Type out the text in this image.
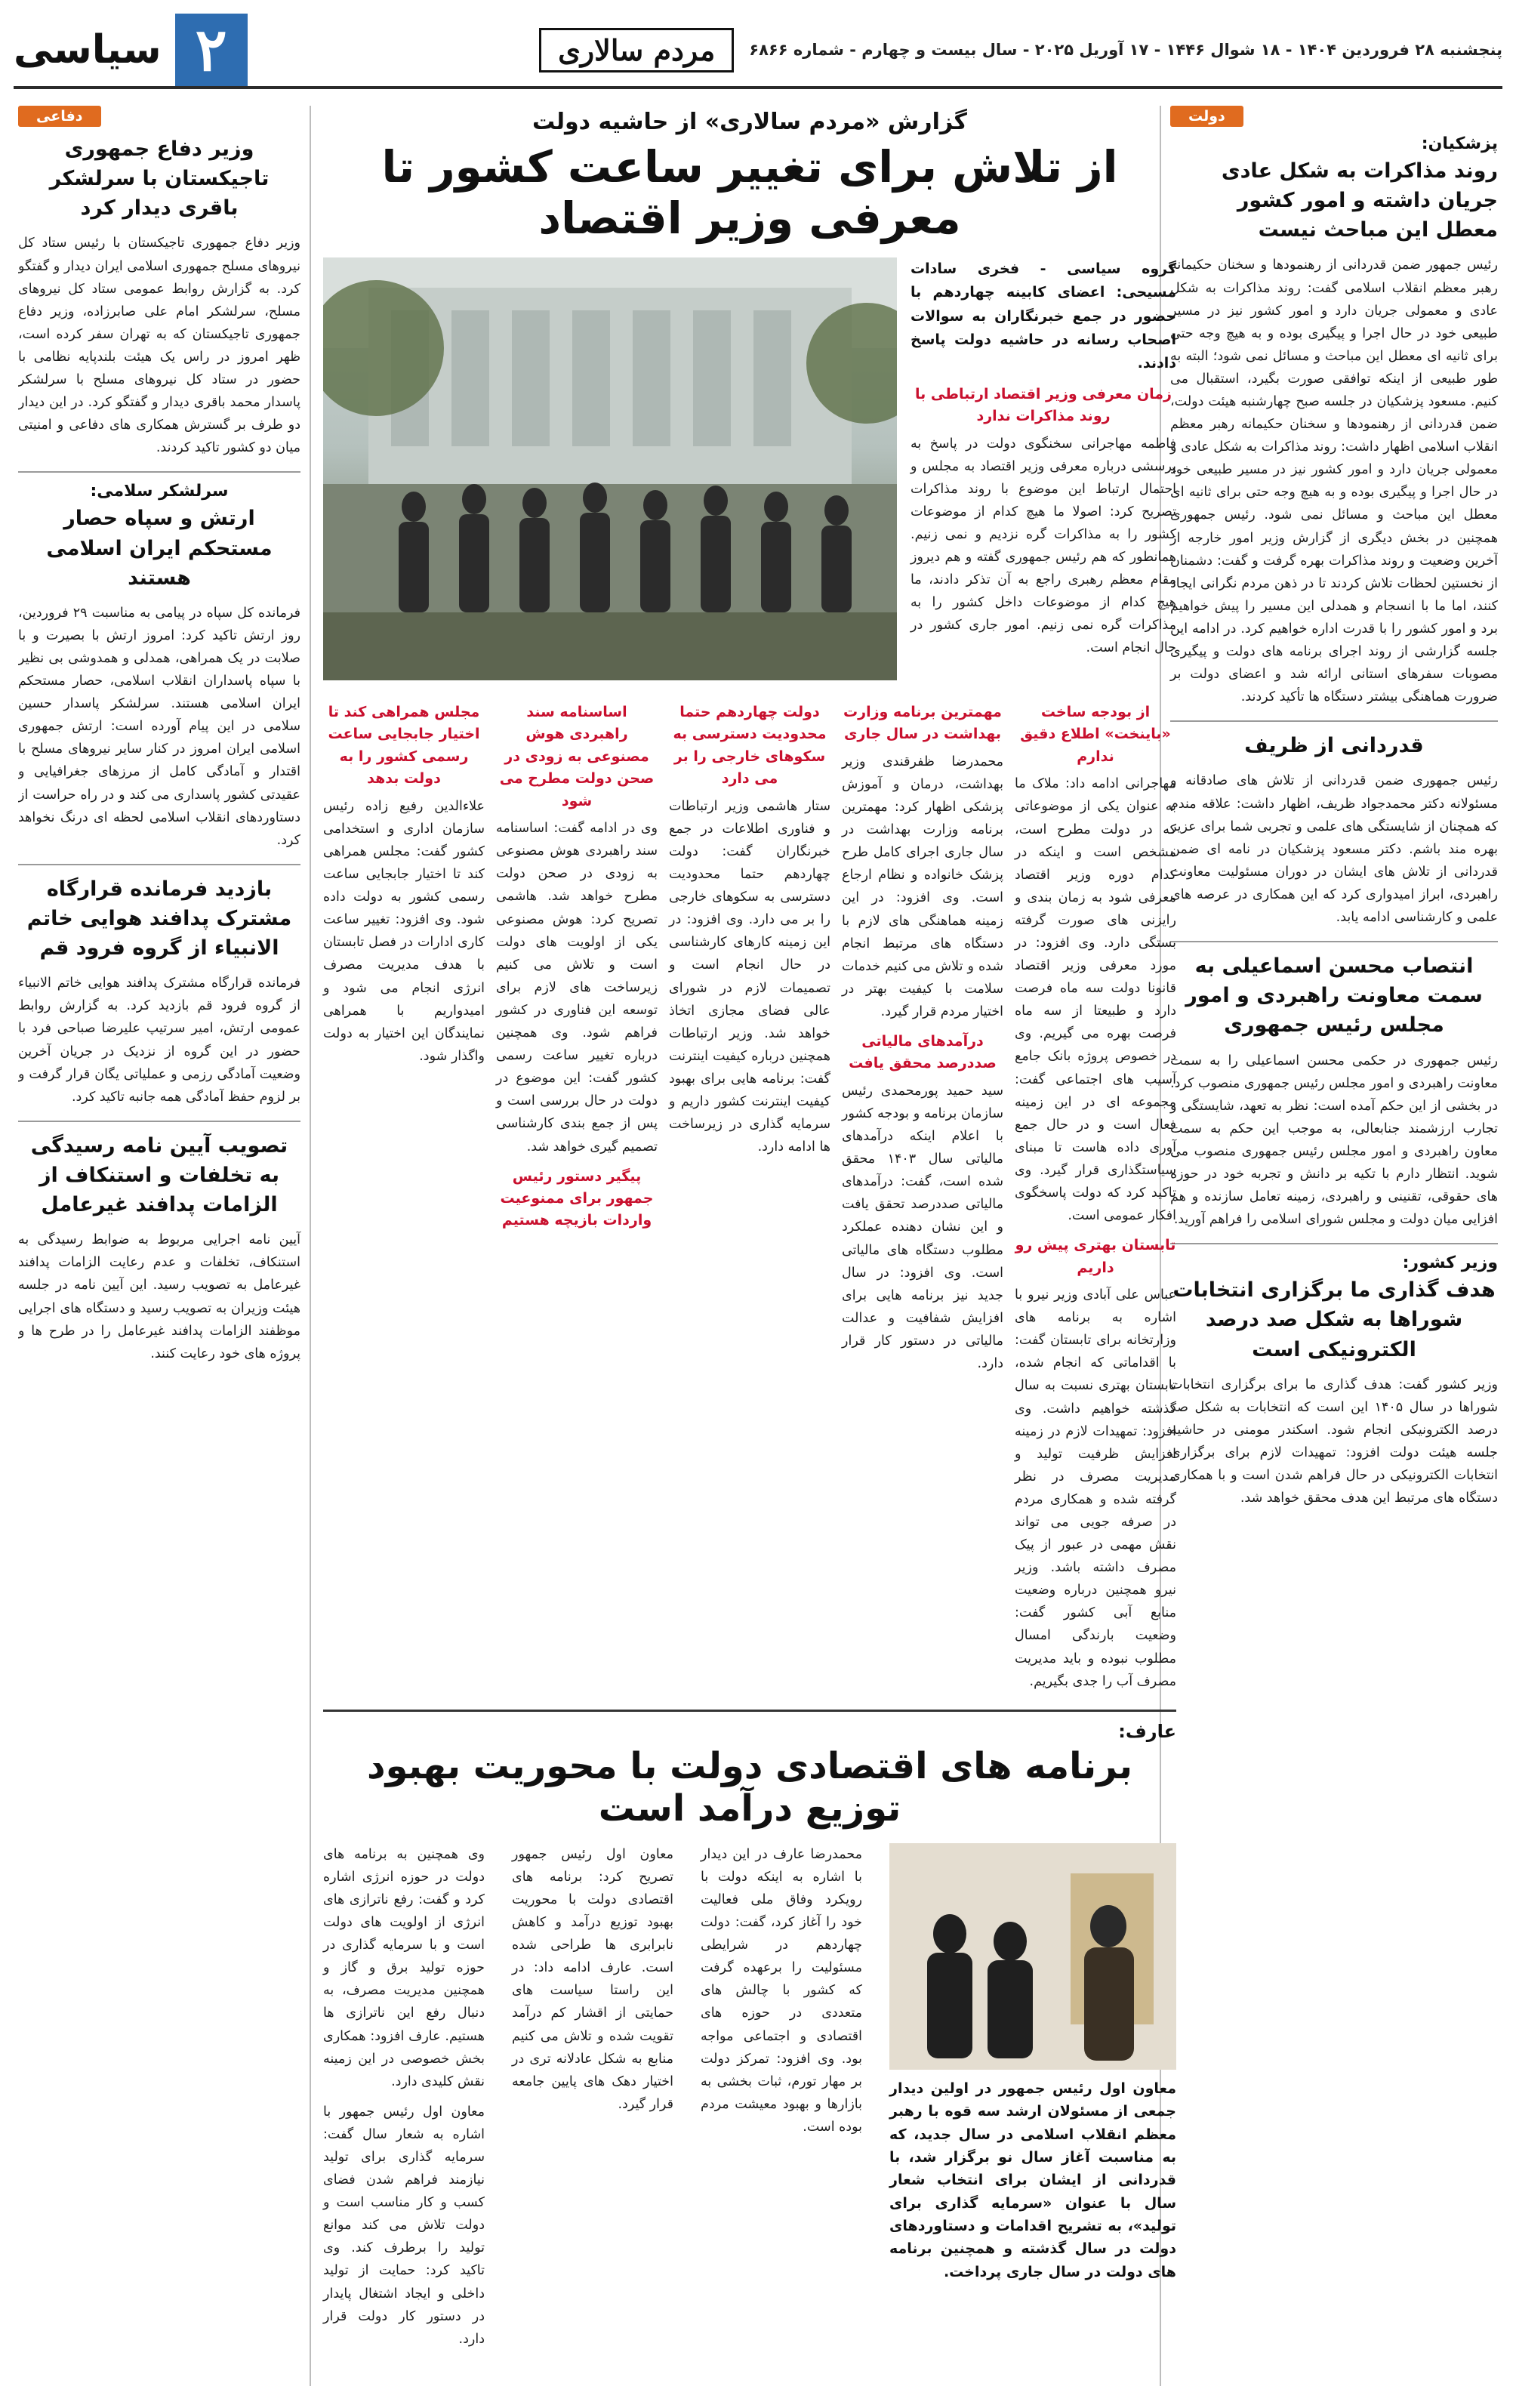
پنجشنبه ۲۸ فروردین ۱۴۰۴ - ۱۸ شوال ۱۴۴۶ - ۱۷ آوریل ۲۰۲۵ - سال بیست و چهارم - شماره ۶۸۶۶
مردم سالاری
۲
سیاسی
دولت
پزشکیان:
روند مذاکرات به شکل عادی جریان داشته و امور کشور معطل این مباحث نیست
رئیس جمهور ضمن قدردانی از رهنمودها و سخنان حکیمانه رهبر معظم انقلاب اسلامی گفت: روند مذاکرات به شکل عادی و معمولی جریان دارد و امور کشور نیز در مسیر طبیعی خود در حال اجرا و پیگیری بوده و به هیچ وجه حتی برای ثانیه ای معطل این مباحث و مسائل نمی شود؛ البته به طور طبیعی از اینکه توافقی صورت بگیرد، استقبال می کنیم. مسعود پزشکیان در جلسه صبح چهارشنبه هیئت دولت، ضمن قدردانی از رهنمودها و سخنان حکیمانه رهبر معظم انقلاب اسلامی اظهار داشت: روند مذاکرات به شکل عادی و معمولی جریان دارد و امور کشور نیز در مسیر طبیعی خود در حال اجرا و پیگیری بوده و به هیچ وجه حتی برای ثانیه ای معطل این مباحث و مسائل نمی شود. رئیس جمهوری همچنین در بخش دیگری از گزارش وزیر امور خارجه از آخرین وضعیت و روند مذاکرات بهره گرفت و گفت: دشمنان از نخستین لحظات تلاش کردند تا در ذهن مردم نگرانی ایجاد کنند، اما ما با انسجام و همدلی این مسیر را پیش خواهیم برد و امور کشور را با قدرت اداره خواهیم کرد. در ادامه این جلسه گزارشی از روند اجرای برنامه های دولت و پیگیری مصوبات سفرهای استانی ارائه شد و اعضای دولت بر ضرورت هماهنگی بیشتر دستگاه ها تأکید کردند.
قدردانی از ظریف
رئیس جمهوری ضمن قدردانی از تلاش های صادقانه و مسئولانه دکتر محمدجواد ظریف، اظهار داشت: علاقه مندم که همچنان از شایستگی های علمی و تجربی شما برای عزیز بهره مند باشم. دکتر مسعود پزشکیان در نامه ای ضمن قدردانی از تلاش های ایشان در دوران مسئولیت معاونت راهبردی، ابراز امیدواری کرد که این همکاری در عرصه های علمی و کارشناسی ادامه یابد.
انتصاب محسن اسماعیلی به سمت معاونت راهبردی و امور مجلس رئیس جمهوری
رئیس جمهوری در حکمی محسن اسماعیلی را به سمت معاونت راهبردی و امور مجلس رئیس جمهوری منصوب کرد. در بخشی از این حکم آمده است: نظر به تعهد، شایستگی و تجارب ارزشمند جنابعالی، به موجب این حکم به سمت معاون راهبردی و امور مجلس رئیس جمهوری منصوب می شوید. انتظار دارم با تکیه بر دانش و تجربه خود در حوزه های حقوقی، تقنینی و راهبردی، زمینه تعامل سازنده و هم افزایی میان دولت و مجلس شورای اسلامی را فراهم آورید.
وزیر کشور:
هدف گذاری ما برگزاری انتخابات شوراها به شکل صد درصد الکترونیکی است
وزیر کشور گفت: هدف گذاری ما برای برگزاری انتخابات شوراها در سال ۱۴۰۵ این است که انتخابات به شکل صد درصد الکترونیکی انجام شود. اسکندر مومنی در حاشیه جلسه هیئت دولت افزود: تمهیدات لازم برای برگزاری انتخابات الکترونیکی در حال فراهم شدن است و با همکاری دستگاه های مرتبط این هدف محقق خواهد شد.
گزارش «مردم سالاری» از حاشیه دولت
از تلاش برای تغییر ساعت کشور تا معرفی وزیر اقتصاد
گروه سیاسی - فخری سادات مسیحی: اعضای کابینه چهاردهم با حضور در جمع خبرنگاران به سوالات اصحاب رسانه در حاشیه دولت پاسخ دادند.
زمان معرفی وزیر اقتصاد ارتباطی با روند مذاکرات ندارد
فاطمه مهاجرانی سخنگوی دولت در پاسخ به پرسشی درباره معرفی وزیر اقتصاد به مجلس و احتمال ارتباط این موضوع با روند مذاکرات تصریح کرد: اصولا ما هیچ کدام از موضوعات کشور را به مذاکرات گره نزدیم و نمی زنیم. همانطور که هم رئیس جمهوری گفته و هم دیروز مقام معظم رهبری راجع به آن تذکر دادند، ما هیچ کدام از موضوعات داخل کشور را به مذاکرات گره نمی زنیم. امور جاری کشور در حال انجام است.
از بودجه ساخت «باینخت» اطلاع دقیق ندارم
مهاجرانی ادامه داد: ملاک ما به عنوان یکی از موضوعاتی که در دولت مطرح است، مشخص است و اینکه در کدام دوره وزیر اقتصاد معرفی شود به زمان بندی و رایزنی های صورت گرفته بستگی دارد. وی افزود: در مورد معرفی وزیر اقتصاد قانونا دولت سه ماه فرصت دارد و طبیعتا از سه ماه فرصت بهره می گیریم. وی در خصوص پروژه بانک جامع آسیب های اجتماعی گفت: مجموعه ای در این زمینه فعال است و در حال جمع آوری داده هاست تا مبنای سیاستگذاری قرار گیرد. وی تاکید کرد که دولت پاسخگوی افکار عمومی است.
تابستان بهتری پیش رو داریم
عباس علی آبادی وزیر نیرو با اشاره به برنامه های وزارتخانه برای تابستان گفت: با اقداماتی که انجام شده، تابستان بهتری نسبت به سال گذشته خواهیم داشت. وی افزود: تمهیدات لازم در زمینه افزایش ظرفیت تولید و مدیریت مصرف در نظر گرفته شده و همکاری مردم در صرفه جویی می تواند نقش مهمی در عبور از پیک مصرف داشته باشد. وزیر نیرو همچنین درباره وضعیت منابع آبی کشور گفت: وضعیت بارندگی امسال مطلوب نبوده و باید مدیریت مصرف آب را جدی بگیریم.
مهمترین برنامه وزارت بهداشت در سال جاری
محمدرضا ظفرقندی وزیر بهداشت، درمان و آموزش پزشکی اظهار کرد: مهمترین برنامه وزارت بهداشت در سال جاری اجرای کامل طرح پزشک خانواده و نظام ارجاع است. وی افزود: در این زمینه هماهنگی های لازم با دستگاه های مرتبط انجام شده و تلاش می کنیم خدمات سلامت با کیفیت بهتر در اختیار مردم قرار گیرد.
درآمدهای مالیاتی صددرصد محقق یافت
سید حمید پورمحمدی رئیس سازمان برنامه و بودجه کشور با اعلام اینکه درآمدهای مالیاتی سال ۱۴۰۳ محقق شده است، گفت: درآمدهای مالیاتی صددرصد تحقق یافت و این نشان دهنده عملکرد مطلوب دستگاه های مالیاتی است. وی افزود: در سال جدید نیز برنامه هایی برای افزایش شفافیت و عدالت مالیاتی در دستور کار قرار دارد.
دولت چهاردهم حتما محدودیت دسترسی به سکوهای خارجی را بر می دارد
ستار هاشمی وزیر ارتباطات و فناوری اطلاعات در جمع خبرنگاران گفت: دولت چهاردهم حتما محدودیت دسترسی به سکوهای خارجی را بر می دارد. وی افزود: در این زمینه کارهای کارشناسی در حال انجام است و تصمیمات لازم در شورای عالی فضای مجازی اتخاذ خواهد شد. وزیر ارتباطات همچنین درباره کیفیت اینترنت گفت: برنامه هایی برای بهبود کیفیت اینترنت کشور داریم و سرمایه گذاری در زیرساخت ها ادامه دارد.
اساسنامه سند راهبردی هوش مصنوعی به زودی در صحن دولت مطرح می شود
وی در ادامه گفت: اساسنامه سند راهبردی هوش مصنوعی به زودی در صحن دولت مطرح خواهد شد. هاشمی تصریح کرد: هوش مصنوعی یکی از اولویت های دولت است و تلاش می کنیم زیرساخت های لازم برای توسعه این فناوری در کشور فراهم شود. وی همچنین درباره تغییر ساعت رسمی کشور گفت: این موضوع در دولت در حال بررسی است و پس از جمع بندی کارشناسی تصمیم گیری خواهد شد.
پیگیر دستور رئیس جمهور برای ممنوعیت واردات بازیچه هستیم
مجلس همراهی کند تا اختیار جابجایی ساعت رسمی کشور را به دولت بدهد
علاءالدین رفیع زاده رئیس سازمان اداری و استخدامی کشور گفت: مجلس همراهی کند تا اختیار جابجایی ساعت رسمی کشور به دولت داده شود. وی افزود: تغییر ساعت کاری ادارات در فصل تابستان با هدف مدیریت مصرف انرژی انجام می شود و امیدواریم با همراهی نمایندگان این اختیار به دولت واگذار شود.
عارف:
برنامه های اقتصادی دولت با محوریت بهبود توزیع درآمد است
معاون اول رئیس جمهور در اولین دیدار جمعی از مسئولان ارشد سه قوه با رهبر معظم انقلاب اسلامی در سال جدید، که به مناسبت آغاز سال نو برگزار شد، با قدردانی از ایشان برای انتخاب شعار سال با عنوان «سرمایه گذاری برای تولید»، به تشریح اقدامات و دستاوردهای دولت در سال گذشته و همچنین برنامه های دولت در سال جاری پرداخت.
محمدرضا عارف در این دیدار با اشاره به اینکه دولت با رویکرد وفاق ملی فعالیت خود را آغاز کرد، گفت: دولت چهاردهم در شرایطی مسئولیت را برعهده گرفت که کشور با چالش های متعددی در حوزه های اقتصادی و اجتماعی مواجه بود. وی افزود: تمرکز دولت بر مهار تورم، ثبات بخشی به بازارها و بهبود معیشت مردم بوده است.
معاون اول رئیس جمهور تصریح کرد: برنامه های اقتصادی دولت با محوریت بهبود توزیع درآمد و کاهش نابرابری ها طراحی شده است. عارف ادامه داد: در این راستا سیاست های حمایتی از اقشار کم درآمد تقویت شده و تلاش می کنیم منابع به شکل عادلانه تری در اختیار دهک های پایین جامعه قرار گیرد.
وی همچنین به برنامه های دولت در حوزه انرژی اشاره کرد و گفت: رفع ناترازی های انرژی از اولویت های دولت است و با سرمایه گذاری در حوزه تولید برق و گاز و همچنین مدیریت مصرف، به دنبال رفع این ناترازی ها هستیم. عارف افزود: همکاری بخش خصوصی در این زمینه نقش کلیدی دارد.
معاون اول رئیس جمهور با اشاره به شعار سال گفت: سرمایه گذاری برای تولید نیازمند فراهم شدن فضای کسب و کار مناسب است و دولت تلاش می کند موانع تولید را برطرف کند. وی تاکید کرد: حمایت از تولید داخلی و ایجاد اشتغال پایدار در دستور کار دولت قرار دارد.
دفاعی
وزیر دفاع جمهوری تاجیکستان با سرلشکر باقری دیدار کرد
وزیر دفاع جمهوری تاجیکستان با رئیس ستاد کل نیروهای مسلح جمهوری اسلامی ایران دیدار و گفتگو کرد. به گزارش روابط عمومی ستاد کل نیروهای مسلح، سرلشکر امام علی صابرزاده، وزیر دفاع جمهوری تاجیکستان که به تهران سفر کرده است، ظهر امروز در راس یک هیئت بلندپایه نظامی با حضور در ستاد کل نیروهای مسلح با سرلشکر پاسدار محمد باقری دیدار و گفتگو کرد. در این دیدار دو طرف بر گسترش همکاری های دفاعی و امنیتی میان دو کشور تاکید کردند.
سرلشکر سلامی:
ارتش و سپاه حصار مستحکم ایران اسلامی هستند
فرمانده کل سپاه در پیامی به مناسبت ۲۹ فروردین، روز ارتش تاکید کرد: امروز ارتش با بصیرت و با صلابت در یک همراهی، همدلی و همدوشی بی نظیر با سپاه پاسداران انقلاب اسلامی، حصار مستحکم ایران اسلامی هستند. سرلشکر پاسدار حسین سلامی در این پیام آورده است: ارتش جمهوری اسلامی ایران امروز در کنار سایر نیروهای مسلح با اقتدار و آمادگی کامل از مرزهای جغرافیایی و عقیدتی کشور پاسداری می کند و در راه حراست از دستاوردهای انقلاب اسلامی لحظه ای درنگ نخواهد کرد.
بازدید فرمانده قرارگاه مشترک پدافند هوایی خاتم الانبیاء از گروه فرود قم
فرمانده قرارگاه مشترک پدافند هوایی خاتم الانبیاء از گروه فرود قم بازدید کرد. به گزارش روابط عمومی ارتش، امیر سرتیپ علیرضا صباحی فرد با حضور در این گروه از نزدیک در جریان آخرین وضعیت آمادگی رزمی و عملیاتی یگان قرار گرفت و بر لزوم حفظ آمادگی همه جانبه تاکید کرد.
تصویب آیین نامه رسیدگی به تخلفات و استنکاف از الزامات پدافند غیرعامل
آیین نامه اجرایی مربوط به ضوابط رسیدگی به استنکاف، تخلفات و عدم رعایت الزامات پدافند غیرعامل به تصویب رسید. این آیین نامه در جلسه هیئت وزیران به تصویب رسید و دستگاه های اجرایی موظفند الزامات پدافند غیرعامل را در طرح ها و پروژه های خود رعایت کنند.
